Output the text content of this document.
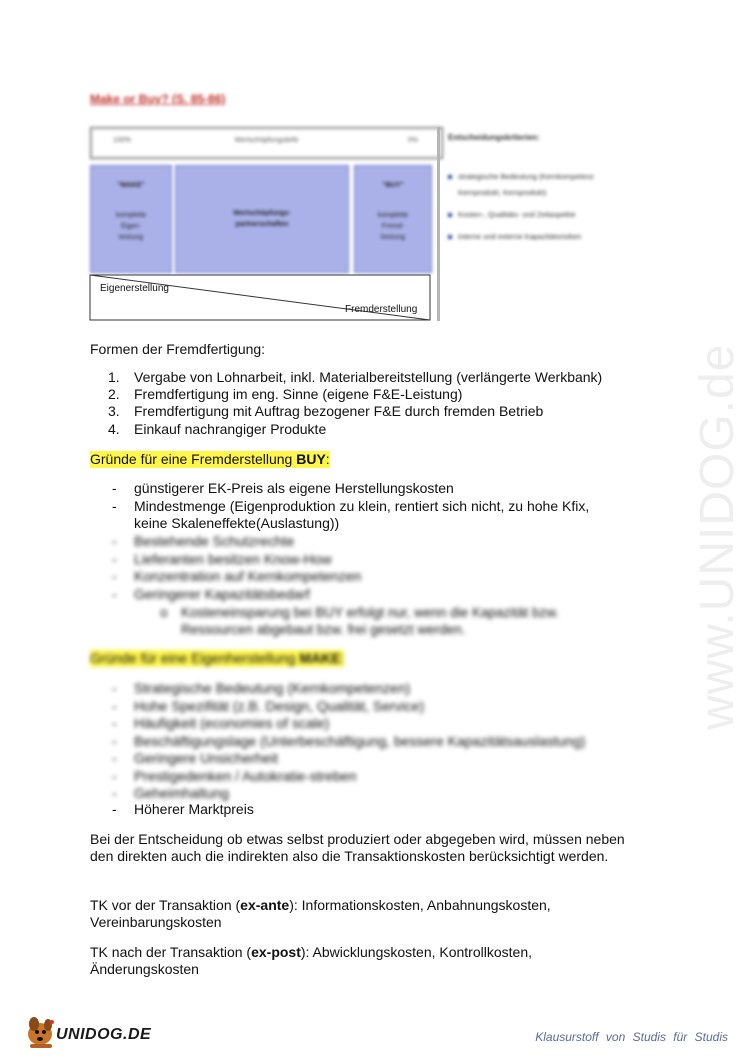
Make or Buy? (S. 85-86)
100%	Wertschöpfungstiefe	0%
"MAKE"
komplette
Eigen-
leistung
Wertschöpfungs-
partnerschaften
"BUY"
komplette
Fremd-
leistung
Eigenerstellung
Fremderstellung
Entscheidungskriterien:
strategische Bedeutung (Kernkompetenz
Kernprodukt, Kernprodukt)
Kosten-, Qualitäts- und Zeitaspekte
interne und externe Kapazitätsrisiken
www.UNIDOG.de
Formen der Fremdfertigung:
1. Vergabe von Lohnarbeit, inkl. Materialbereitstellung (verlängerte Werkbank)
2. Fremdfertigung im eng. Sinne (eigene F&E-Leistung)
3. Fremdfertigung mit Auftrag bezogener F&E durch fremden Betrieb
4. Einkauf nachrangiger Produkte
Gründe für eine Fremderstellung BUY:
- günstigerer EK-Preis als eigene Herstellungskosten
- Mindestmenge (Eigenproduktion zu klein, rentiert sich nicht, zu hohe Kfix,
keine Skaleneffekte(Auslastung))
- Bestehende Schutzrechte
- Lieferanten besitzen Know-How
- Konzentration auf Kernkompetenzen
- Geringerer Kapazitätsbedarf
o Kosteneinsparung bei BUY erfolgt nur, wenn die Kapazität bzw.
Ressourcen abgebaut bzw. frei gesetzt werden.
Gründe für eine Eigenherstellung MAKE:
- Strategische Bedeutung (Kernkompetenzen)
- Hohe Spezifität (z.B. Design, Qualität, Service)
- Häufigkeit (economies of scale)
- Beschäftigungslage (Unterbeschäftigung, bessere Kapazitätsauslastung)
- Geringere Unsicherheit
- Prestigedenken / Autokratie-streben
- Geheimhaltung
- Höherer Marktpreis
Bei der Entscheidung ob etwas selbst produziert oder abgegeben wird, müssen neben den direkten auch die indirekten also die Transaktionskosten berücksichtigt werden.
TK vor der Transaktion (ex-ante): Informationskosten, Anbahnungskosten, Vereinbarungskosten
TK nach der Transaktion (ex-post): Abwicklungskosten, Kontrollkosten, Änderungskosten
UNIDOG.DE	Klausurstoff von Studis für Studis
